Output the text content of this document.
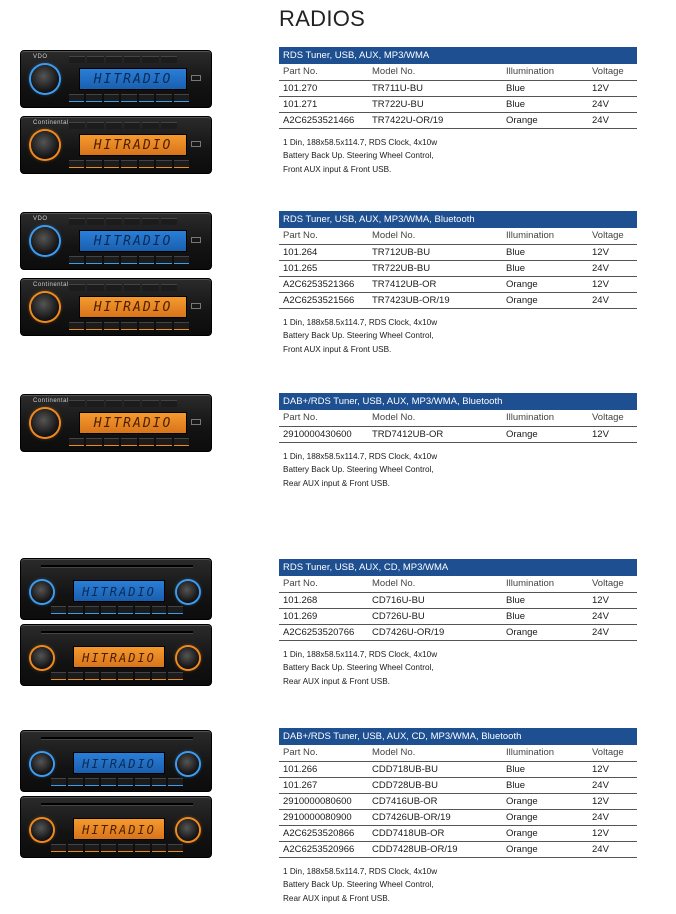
RADIOS
VDO
HITRADIO
Continental
HITRADIO
RDS Tuner, USB, AUX, MP3/WMA
Part No.	Model No.	Illumination	Voltage
101.270	TR711U-BU	Blue	12V
101.271	TR722U-BU	Blue	24V
A2C6253521466	TR7422U-OR/19	Orange	24V
1 Din, 188x58.5x114.7, RDS Clock, 4x10w
Battery Back Up. Steering Wheel Control,
Front AUX input & Front USB.
VDO
HITRADIO
Continental
HITRADIO
RDS Tuner, USB, AUX, MP3/WMA, Bluetooth
Part No.	Model No.	Illumination	Voltage
101.264	TR712UB-BU	Blue	12V
101.265	TR722UB-BU	Blue	24V
A2C6253521366	TR7412UB-OR	Orange	12V
A2C6253521566	TR7423UB-OR/19	Orange	24V
1 Din, 188x58.5x114.7, RDS Clock, 4x10w
Battery Back Up. Steering Wheel Control,
Front AUX input & Front USB.
Continental
HITRADIO
DAB+/RDS Tuner, USB, AUX, MP3/WMA, Bluetooth
Part No.	Model No.	Illumination	Voltage
2910000430600	TRD7412UB-OR	Orange	12V
1 Din, 188x58.5x114.7, RDS Clock, 4x10w
Battery Back Up. Steering Wheel Control,
Rear AUX input & Front USB.
HITRADIO
HITRADIO
RDS Tuner, USB, AUX, CD, MP3/WMA
Part No.	Model No.	Illumination	Voltage
101.268	CD716U-BU	Blue	12V
101.269	CD726U-BU	Blue	24V
A2C6253520766	CD7426U-OR/19	Orange	24V
1 Din, 188x58.5x114.7, RDS Clock, 4x10w
Battery Back Up. Steering Wheel Control,
Rear AUX input & Front USB.
HITRADIO
HITRADIO
DAB+/RDS Tuner, USB, AUX, CD, MP3/WMA, Bluetooth
Part No.	Model No.	Illumination	Voltage
101.266	CDD718UB-BU	Blue	12V
101.267	CDD728UB-BU	Blue	24V
2910000080600	CD7416UB-OR	Orange	12V
2910000080900	CD7426UB-OR/19	Orange	24V
A2C6253520866	CDD7418UB-OR	Orange	12V
A2C6253520966	CDD7428UB-OR/19	Orange	24V
1 Din, 188x58.5x114.7, RDS Clock, 4x10w
Battery Back Up. Steering Wheel Control,
Rear AUX input & Front USB.
